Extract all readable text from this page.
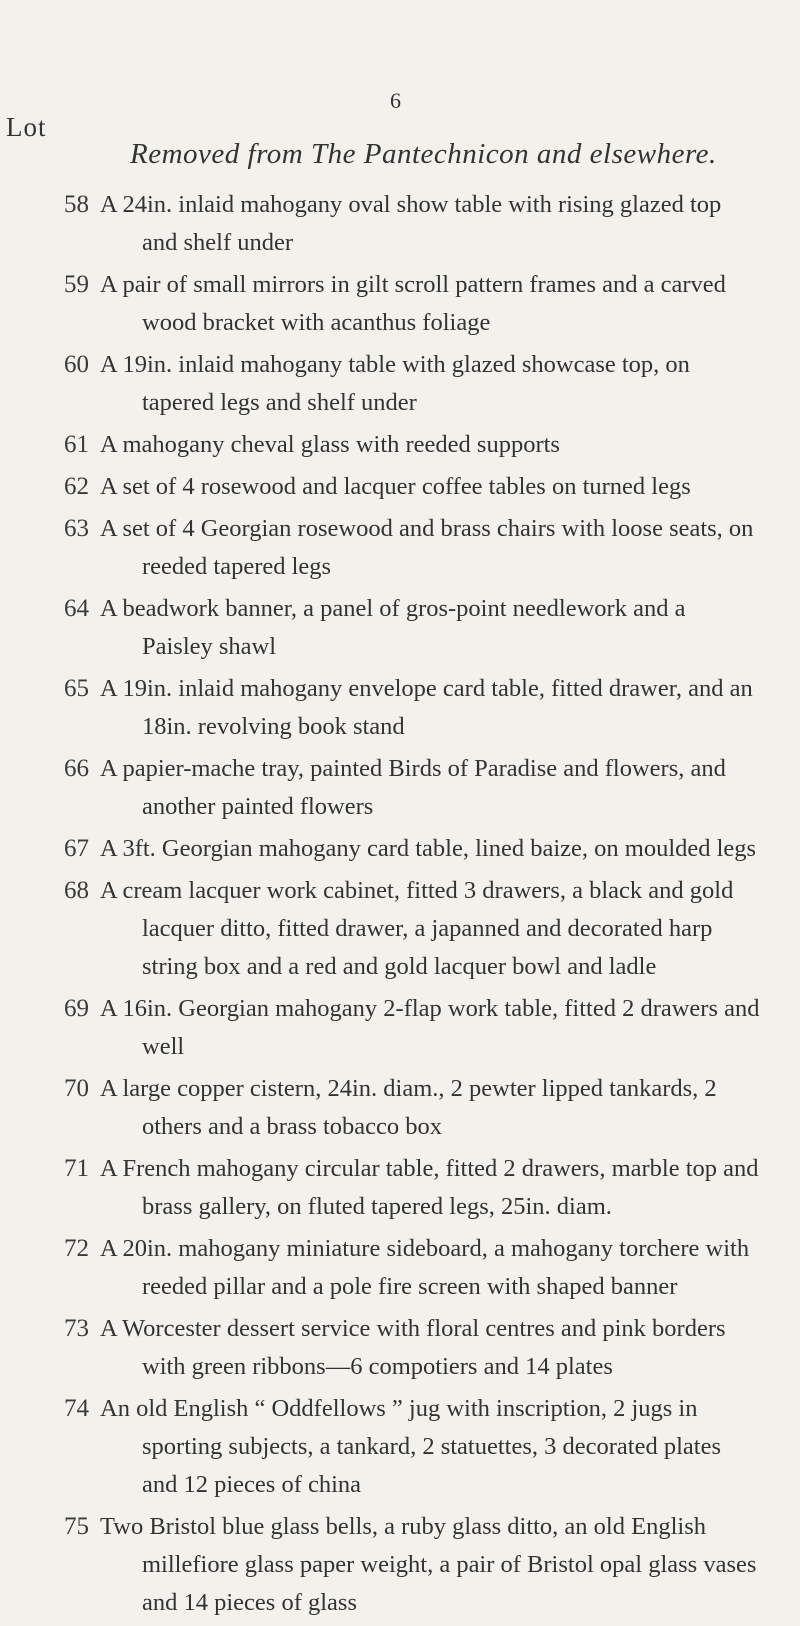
6
Lot
Removed from The Pantechnicon and elsewhere.
58 A 24in. inlaid mahogany oval show table with rising glazed top and shelf under
59 A pair of small mirrors in gilt scroll pattern frames and a carved wood bracket with acanthus foliage
60 A 19in. inlaid mahogany table with glazed showcase top, on tapered legs and shelf under
61 A mahogany cheval glass with reeded supports
62 A set of 4 rosewood and lacquer coffee tables on turned legs
63 A set of 4 Georgian rosewood and brass chairs with loose seats, on reeded tapered legs
64 A beadwork banner, a panel of gros-point needlework and a Paisley shawl
65 A 19in. inlaid mahogany envelope card table, fitted drawer, and an 18in. revolving book stand
66 A papier-mache tray, painted Birds of Paradise and flowers, and another painted flowers
67 A 3ft. Georgian mahogany card table, lined baize, on moulded legs
68 A cream lacquer work cabinet, fitted 3 drawers, a black and gold lacquer ditto, fitted drawer, a japanned and decorated harp string box and a red and gold lacquer bowl and ladle
69 A 16in. Georgian mahogany 2-flap work table, fitted 2 drawers and well
70 A large copper cistern, 24in. diam., 2 pewter lipped tankards, 2 others and a brass tobacco box
71 A French mahogany circular table, fitted 2 drawers, marble top and brass gallery, on fluted tapered legs, 25in. diam.
72 A 20in. mahogany miniature sideboard, a mahogany torchere with reeded pillar and a pole fire screen with shaped banner
73 A Worcester dessert service with floral centres and pink borders with green ribbons—6 compotiers and 14 plates
74 An old English “ Oddfellows ” jug with inscription, 2 jugs in sporting subjects, a tankard, 2 statuettes, 3 decorated plates and 12 pieces of china
75 Two Bristol blue glass bells, a ruby glass ditto, an old English millefiore glass paper weight, a pair of Bristol opal glass vases and 14 pieces of glass
